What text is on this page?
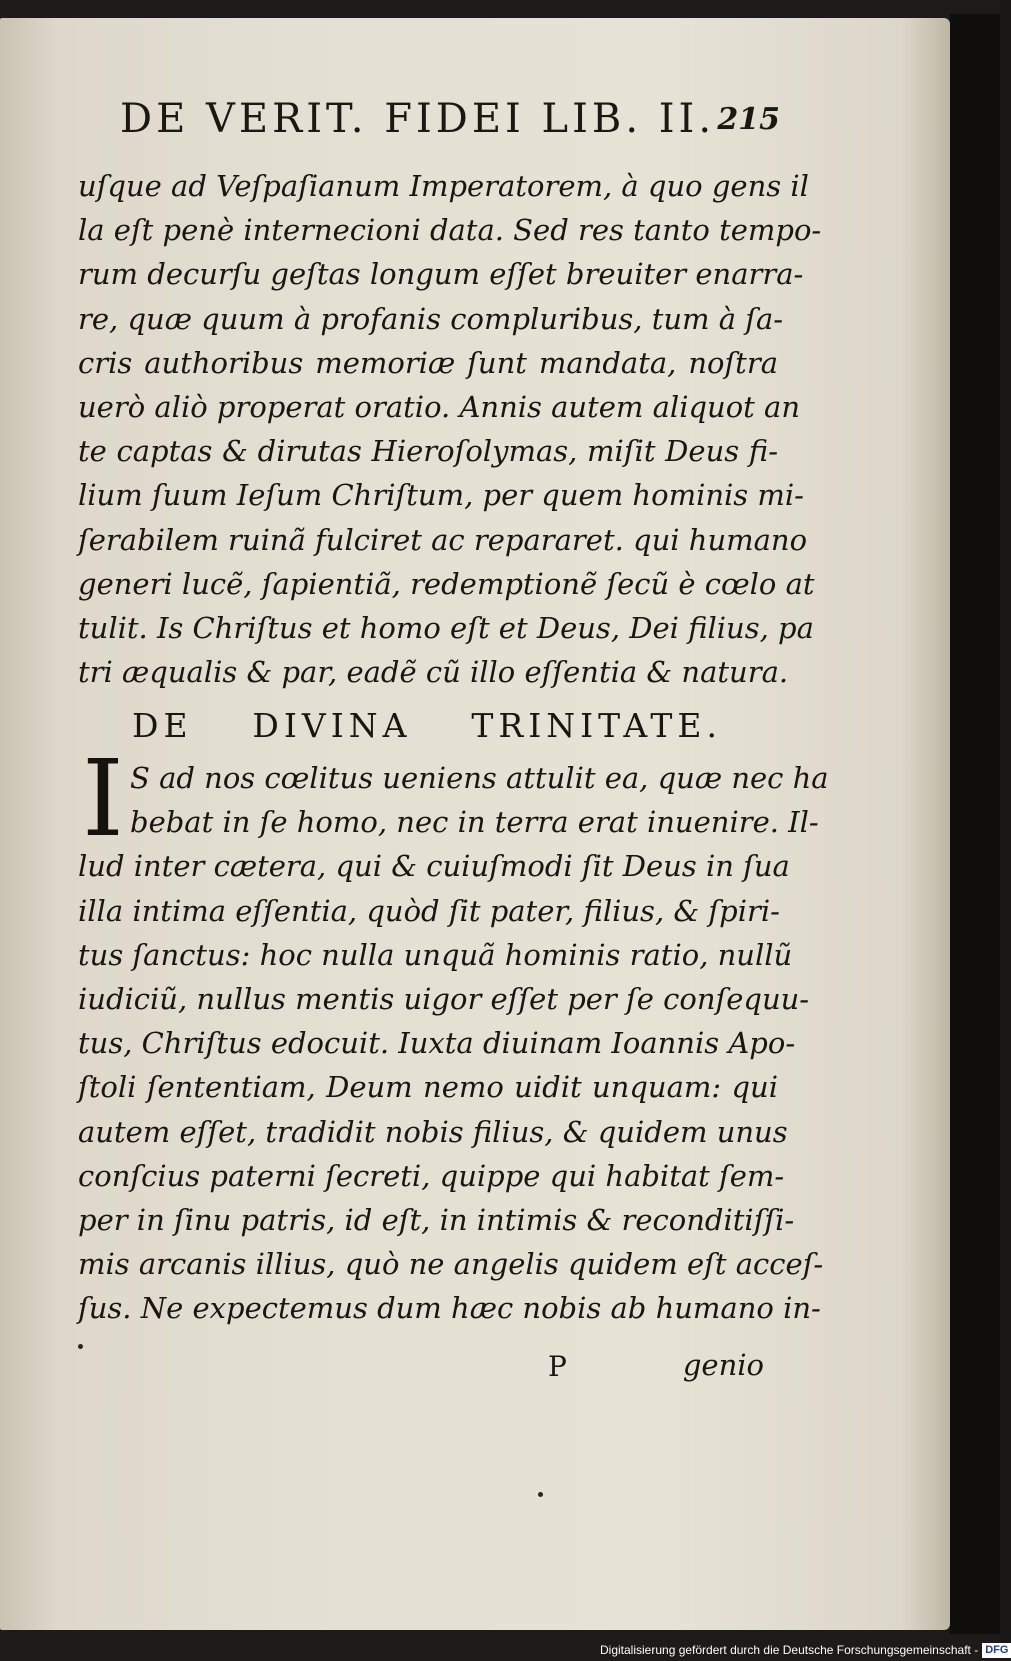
DE VERIT. FIDEI LIB. II. 215
uſque ad Veſpaſianum Imperatorem, à quo gens il
la eſt penè internecioni data. Sed res tanto tempo-
rum decurſu geſtas longum eſſet breuiter enarra-
re, quæ quum à profanis compluribus, tum à ſa-
cris authoribus memoriæ ſunt mandata, noſtra
uerò aliò properat oratio. Annis autem aliquot an
te captas & dirutas Hieroſolymas, miſit Deus fi-
lium ſuum Ieſum Chriſtum, per quem hominis mi-
ſerabilem ruinã fulciret ac repararet. qui humano
generi lucẽ, ſapientiã, redemptionẽ ſecũ è cœlo at
tulit. Is Chriſtus et homo eſt et Deus, Dei filius, pa
tri æqualis & par, eadẽ cũ illo eſſentia & natura.
DE DIVINA TRINITATE.
I S ad nos cœlitus ueniens attulit ea, quæ nec ha
bebat in ſe homo, nec in terra erat inuenire. Il-
lud inter cætera, qui & cuiuſmodi ſit Deus in ſua
illa intima eſſentia, quòd ſit pater, filius, & ſpiri-
tus ſanctus: hoc nulla unquã hominis ratio, nullũ
iudiciũ, nullus mentis uigor eſſet per ſe conſequu-
tus, Chriſtus edocuit. Iuxta diuinam Ioannis Apo-
ſtoli ſententiam, Deum nemo uidit unquam: qui
autem eſſet, tradidit nobis filius, & quidem unus
conſcius paterni ſecreti, quippe qui habitat ſem-
per in ſinu patris, id eſt, in intimis & reconditiſſi-
mis arcanis illius, quò ne angelis quidem eſt acceſ-
ſus. Ne expectemus dum hæc nobis ab humano in-
P	genio
Digitalisierung gefördert durch die Deutsche Forschungsgemeinschaft - DFG
